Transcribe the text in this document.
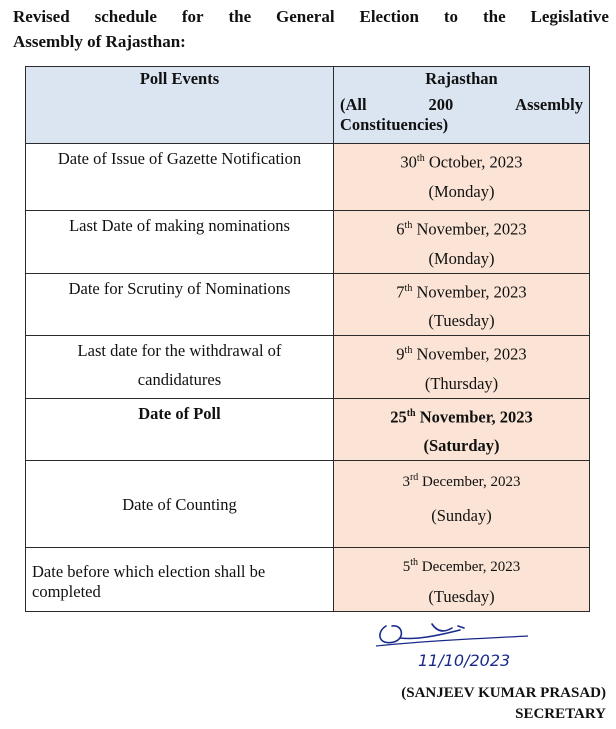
Revised schedule for the General Election to the Legislative
Assembly of Rajasthan:
Poll Events	Rajasthan
(All 200 Assembly
Constituencies)

Date of Issue of Gazette Notification	30th October, 2023
(Monday)

Last Date of making nominations	6th November, 2023
(Monday)

Date for Scrutiny of Nominations	7th November, 2023
(Tuesday)

Last date for the withdrawal of
candidatures	9th November, 2023
(Thursday)

Date of Poll	25th November, 2023
(Saturday)

Date of Counting	3rd December, 2023
(Sunday)

Date before which election shall be
completed	5th December, 2023
(Tuesday)
11/10/2023
(SANJEEV KUMAR PRASAD)
SECRETARY
